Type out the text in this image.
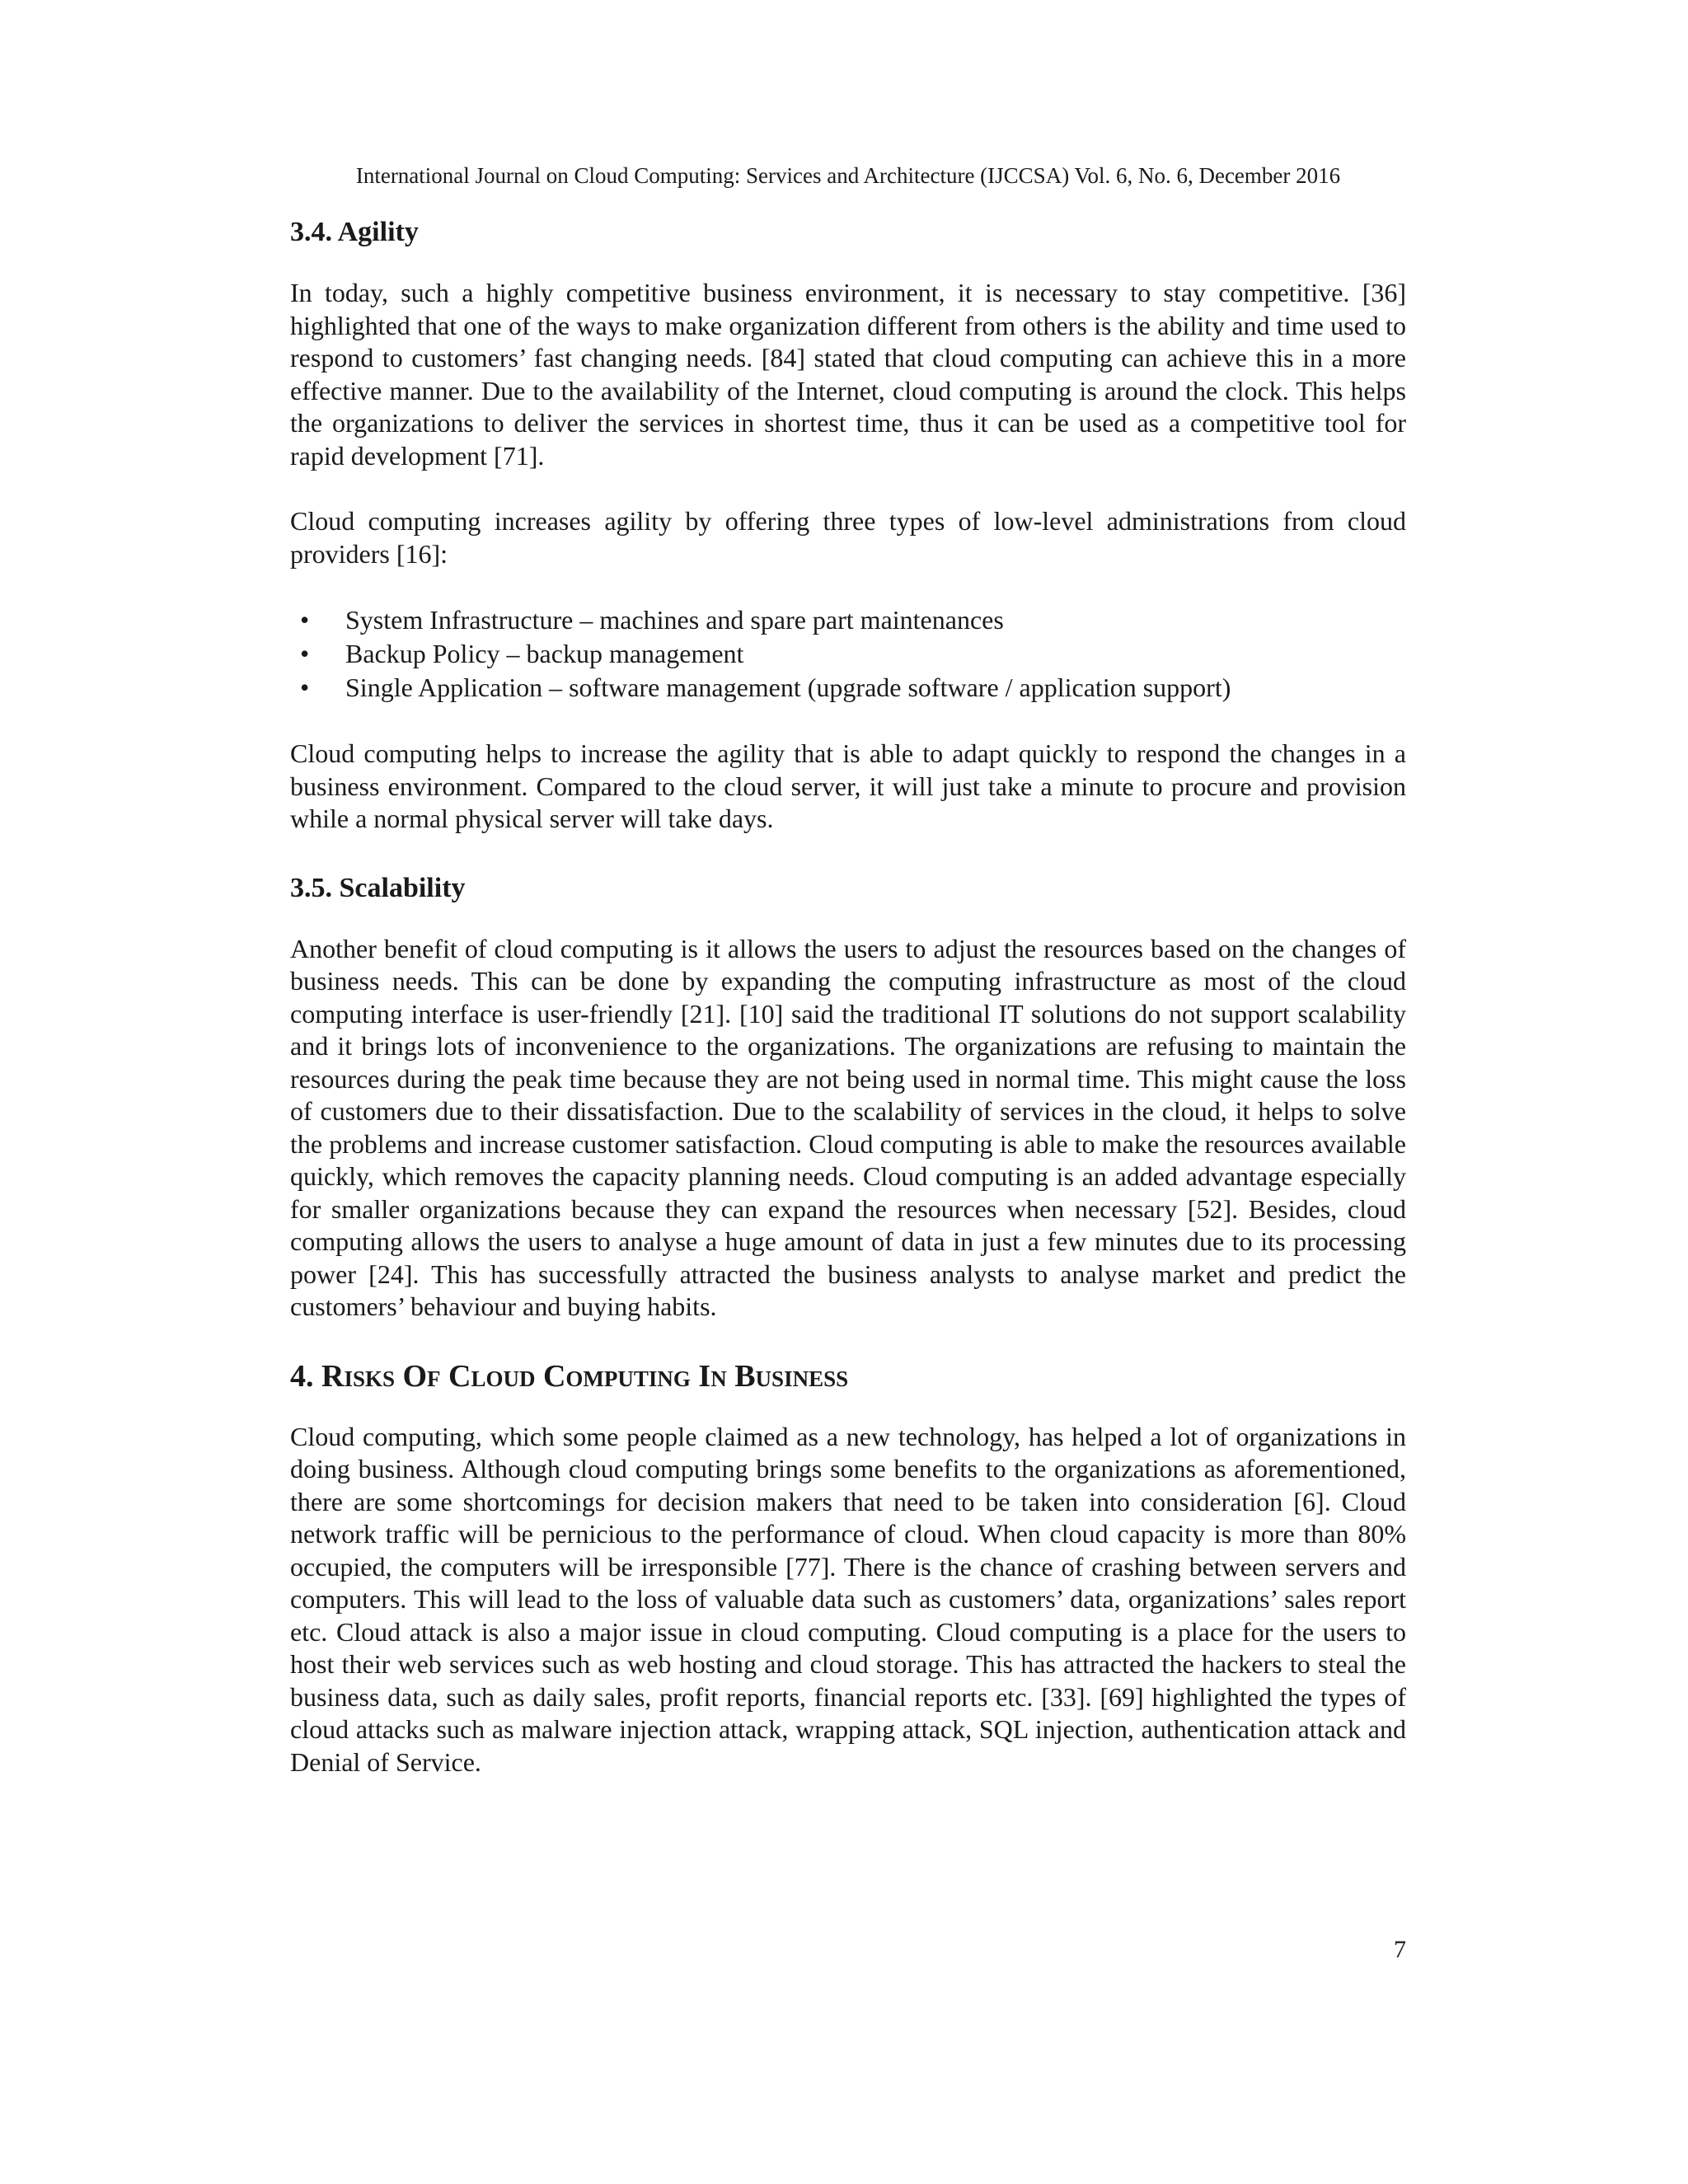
International Journal on Cloud Computing: Services and Architecture (IJCCSA) Vol. 6, No. 6, December 2016
3.4. Agility

In today, such a highly competitive business environment, it is necessary to stay competitive. [36] highlighted that one of the ways to make organization different from others is the ability and time used to respond to customers’ fast changing needs. [84] stated that cloud computing can achieve this in a more effective manner. Due to the availability of the Internet, cloud computing is around the clock. This helps the organizations to deliver the services in shortest time, thus it can be used as a competitive tool for rapid development [71].

Cloud computing increases agility by offering three types of low-level administrations from cloud providers [16]:

• System Infrastructure – machines and spare part maintenances
• Backup Policy – backup management
• Single Application – software management (upgrade software / application support)

Cloud computing helps to increase the agility that is able to adapt quickly to respond the changes in a business environment. Compared to the cloud server, it will just take a minute to procure and provision while a normal physical server will take days.

3.5. Scalability

Another benefit of cloud computing is it allows the users to adjust the resources based on the changes of business needs. This can be done by expanding the computing infrastructure as most of the cloud computing interface is user-friendly [21]. [10] said the traditional IT solutions do not support scalability and it brings lots of inconvenience to the organizations. The organizations are refusing to maintain the resources during the peak time because they are not being used in normal time. This might cause the loss of customers due to their dissatisfaction. Due to the scalability of services in the cloud, it helps to solve the problems and increase customer satisfaction. Cloud computing is able to make the resources available quickly, which removes the capacity planning needs. Cloud computing is an added advantage especially for smaller organizations because they can expand the resources when necessary [52]. Besides, cloud computing allows the users to analyse a huge amount of data in just a few minutes due to its processing power [24]. This has successfully attracted the business analysts to analyse market and predict the customers’ behaviour and buying habits.

4. Risks Of Cloud Computing In Business

Cloud computing, which some people claimed as a new technology, has helped a lot of organizations in doing business. Although cloud computing brings some benefits to the organizations as aforementioned, there are some shortcomings for decision makers that need to be taken into consideration [6]. Cloud network traffic will be pernicious to the performance of cloud. When cloud capacity is more than 80% occupied, the computers will be irresponsible [77]. There is the chance of crashing between servers and computers. This will lead to the loss of valuable data such as customers’ data, organizations’ sales report etc. Cloud attack is also a major issue in cloud computing. Cloud computing is a place for the users to host their web services such as web hosting and cloud storage. This has attracted the hackers to steal the business data, such as daily sales, profit reports, financial reports etc. [33]. [69] highlighted the types of cloud attacks such as malware injection attack, wrapping attack, SQL injection, authentication attack and Denial of Service.

7
